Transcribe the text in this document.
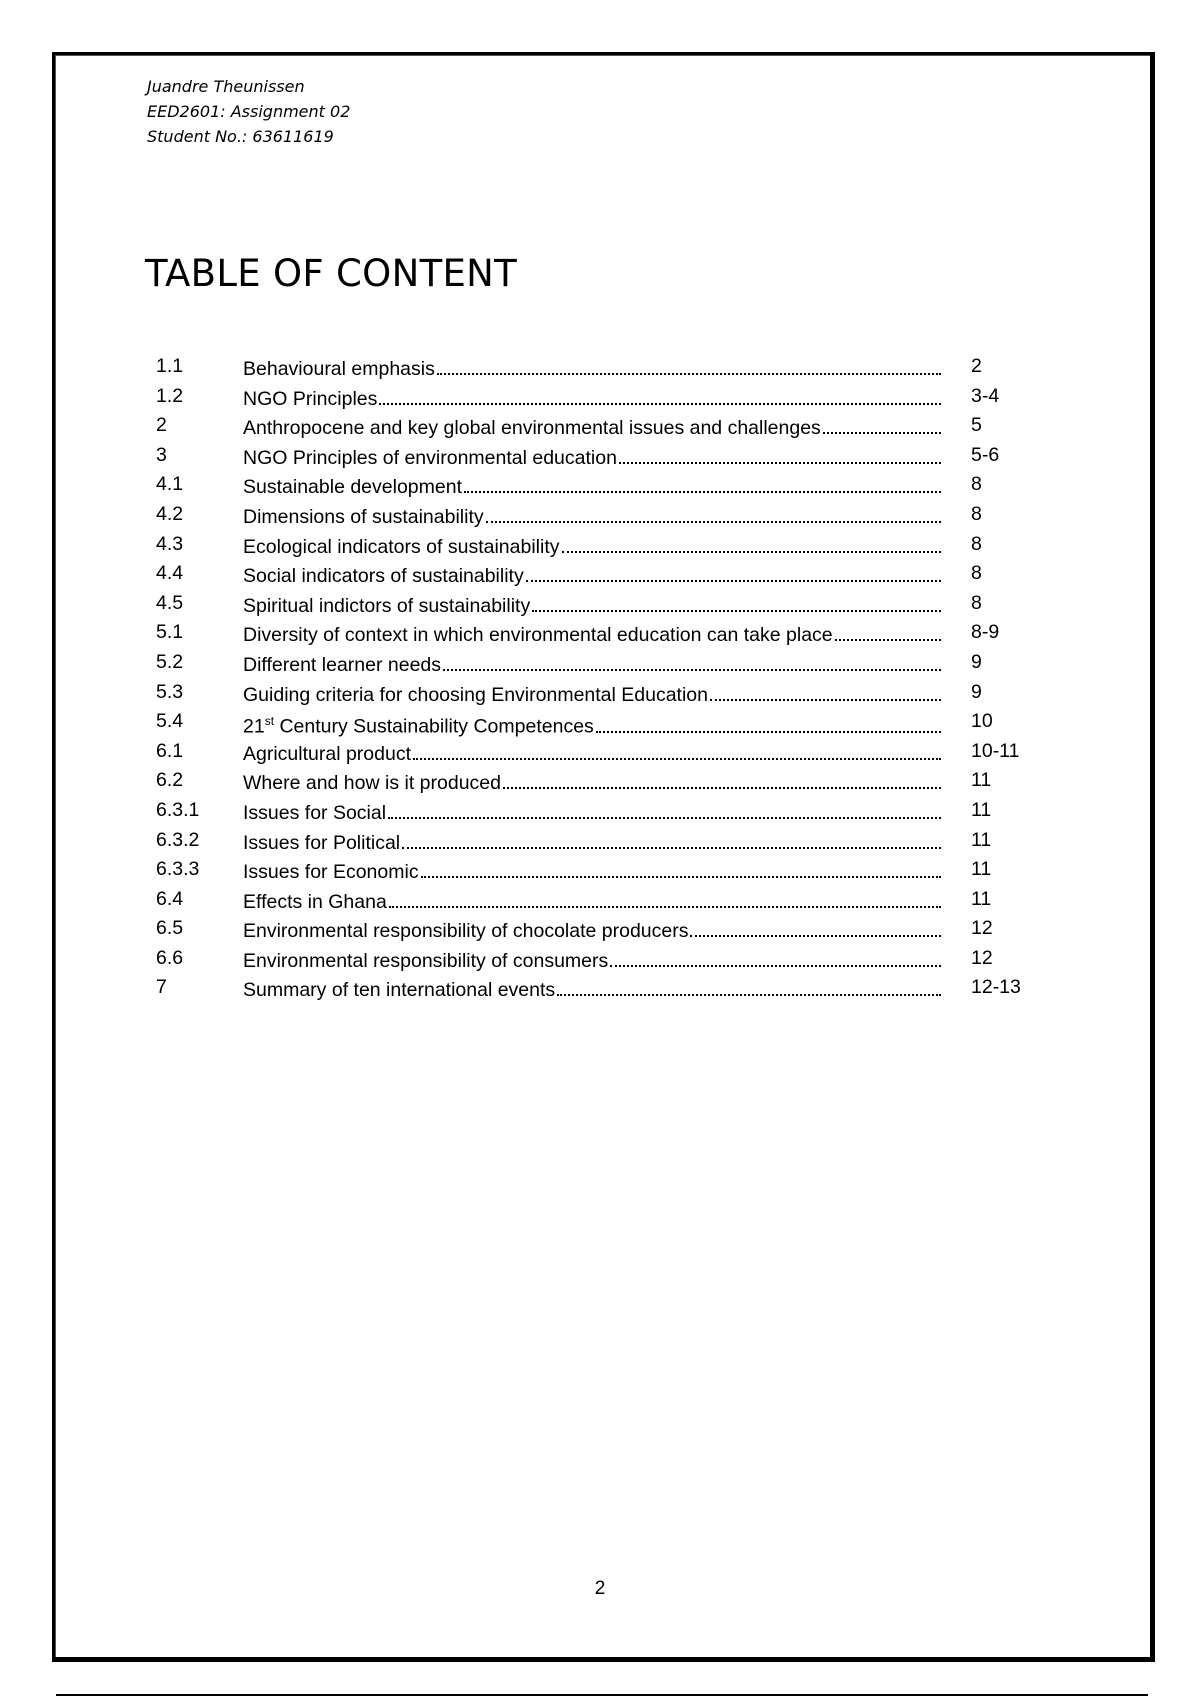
Juandre Theunissen
EED2601: Assignment 02
Student No.: 63611619
TABLE OF CONTENT
1.1	Behavioural emphasis	2
1.2	NGO Principles	3-4
2	Anthropocene and key global environmental issues and challenges	5
3	NGO Principles of environmental education	5-6
4.1	Sustainable development	8
4.2	Dimensions of sustainability	8
4.3	Ecological indicators of sustainability	8
4.4	Social indicators of sustainability	8
4.5	Spiritual indictors of sustainability	8
5.1	Diversity of context in which environmental education can take place	8-9
5.2	Different learner needs	9
5.3	Guiding criteria for choosing Environmental Education	9
5.4	21st Century Sustainability Competences	10
6.1	Agricultural product	10-11
6.2	Where and how is it produced	11
6.3.1 Issues for Social	11
6.3.2 Issues for Political	11
6.3.3 Issues for Economic	11
6.4	Effects in Ghana	11
6.5	Environmental responsibility of chocolate producers	12
6.6	Environmental responsibility of consumers	12
7	Summary of ten international events	12-13
2
